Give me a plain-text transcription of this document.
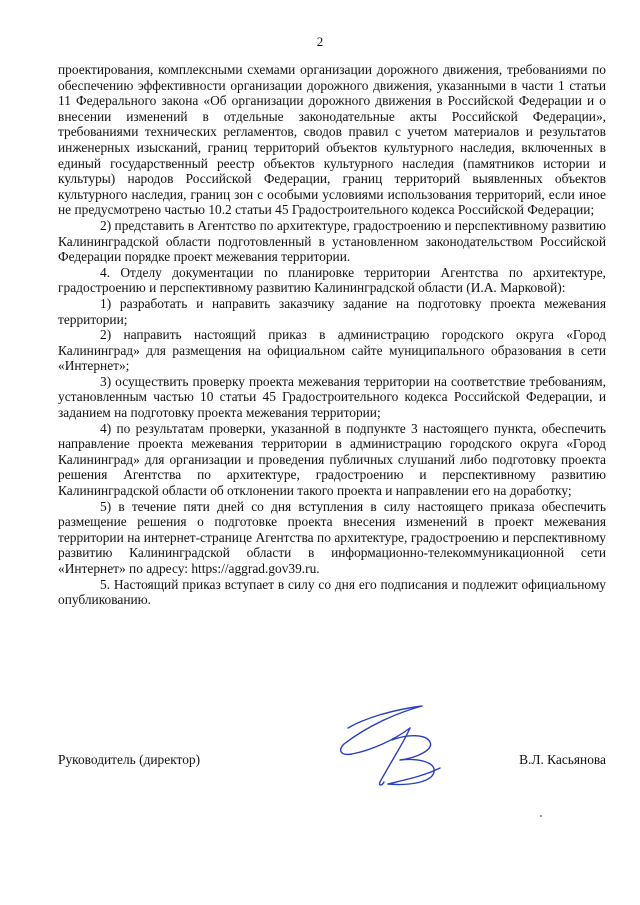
2

проектирования, комплексными схемами организации дорожного движения, требованиями по обеспечению эффективности организации дорожного движения, указанными в части 1 статьи 11 Федерального закона «Об организации дорожного движения в Российской Федерации и о внесении изменений в отдельные законодательные акты Российской Федерации», требованиями технических регламентов, сводов правил с учетом материалов и результатов инженерных изысканий, границ территорий объектов культурного наследия, включенных в единый государственный реестр объектов культурного наследия (памятников истории и культуры) народов Российской Федерации, границ территорий выявленных объектов культурного наследия, границ зон с особыми условиями использования территорий, если иное не предусмотрено частью 10.2 статьи 45 Градостроительного кодекса Российской Федерации;

2) представить в Агентство по архитектуре, градостроению и перспективному развитию Калининградской области подготовленный в установленном законодательством Российской Федерации порядке проект межевания территории.

4. Отделу документации по планировке территории Агентства по архитектуре, градостроению и перспективному развитию Калининградской области (И.А. Марковой):

1) разработать и направить заказчику задание на подготовку проекта межевания территории;

2) направить настоящий приказ в администрацию городского округа «Город Калининград» для размещения на официальном сайте муниципального образования в сети «Интернет»;

3) осуществить проверку проекта межевания территории на соответствие требованиям, установленным частью 10 статьи 45 Градостроительного кодекса Российской Федерации, и заданием на подготовку проекта межевания территории;

4) по результатам проверки, указанной в подпункте 3 настоящего пункта, обеспечить направление проекта межевания территории в администрацию городского округа «Город Калининград» для организации и проведения публичных слушаний либо подготовку проекта решения Агентства по архитектуре, градостроению и перспективному развитию Калининградской области об отклонении такого проекта и направлении его на доработку;

5) в течение пяти дней со дня вступления в силу настоящего приказа обеспечить размещение решения о подготовке проекта внесения изменений в проект межевания территории на интернет-странице Агентства по архитектуре, градостроению и перспективному развитию Калининградской области в информационно-телекоммуникационной сети «Интернет» по адресу: https://aggrad.gov39.ru.

5. Настоящий приказ вступает в силу со дня его подписания и подлежит официальному опубликованию.

Руководитель (директор)	В.Л. Касьянова
